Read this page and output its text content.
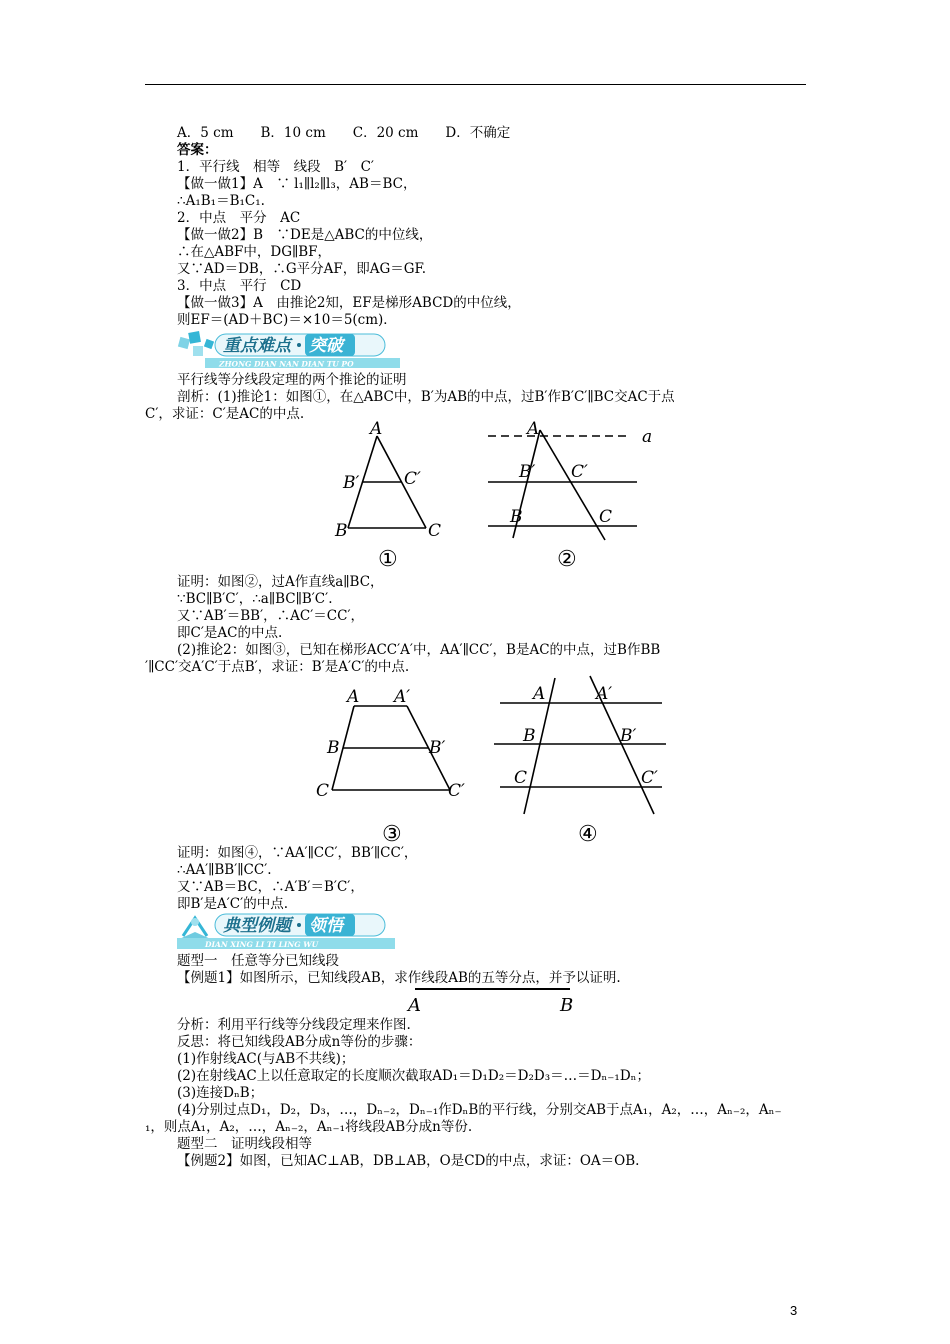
A．5 cm　　B．10 cm　　C．20 cm　　D．不确定
答案：
1．平行线　相等　线段　B′　C′
【做一做1】A　∵ l₁∥l₂∥l₃，AB＝BC，
∴A₁B₁＝B₁C₁.
2．中点　平分　AC
【做一做2】B　∵DE是△ABC的中位线，
∴在△ABF中，DG∥BF，
又∵AD＝DB，∴G平分AF，即AG＝GF.
3．中点　平行　CD
【做一做3】A　由推论2知，EF是梯形ABCD的中位线，
则EF＝(AD＋BC)＝×10＝5(cm)．
重点难点 突破
ZHONG DIAN NAN DIAN TU PO
平行线等分线段定理的两个推论的证明
剖析：(1)推论1：如图①，在△ABC中，B′为AB的中点，过B′作B′C′∥BC交AC于点
C′，求证：C′是AC的中点.
A
B′	C′
B	C
①
A	a
B′ C′
B	C
②
证明：如图②，过A作直线a∥BC，
∵BC∥B′C′，∴a∥BC∥B′C′.
又∵AB′＝BB′，∴AC′＝CC′，
即C′是AC的中点.
(2)推论2：如图③，已知在梯形ACC′A′中，AA′∥CC′，B是AC的中点，过B作BB
′∥CC′交A′C′于点B′，求证：B′是A′C′的中点.
A A′
B	B′
C	C′
③
A	A′
B	B′
C	C′
④
证明：如图④，∵AA′∥CC′，BB′∥CC′，
∴AA′∥BB′∥CC′.
又∵AB＝BC，∴A′B′＝B′C′，
即B′是A′C′的中点.
典型例题 领悟
DIAN XING LI TI LING WU
题型一　任意等分已知线段
【例题1】如图所示，已知线段AB，求作线段AB的五等分点，并予以证明.
A	B
分析：利用平行线等分线段定理来作图.
反思：将已知线段AB分成n等份的步骤：
(1)作射线AC(与AB不共线)；
(2)在射线AC上以任意取定的长度顺次截取AD₁＝D₁D₂＝D₂D₃＝…＝Dₙ₋₁Dₙ；
(3)连接DₙB；
(4)分别过点D₁，D₂，D₃，…，Dₙ₋₂，Dₙ₋₁作DₙB的平行线，分别交AB于点A₁，A₂，…，Aₙ₋₂，Aₙ₋
₁，则点A₁，A₂，…，Aₙ₋₂，Aₙ₋₁将线段AB分成n等份.
题型二　证明线段相等
【例题2】如图，已知AC⊥AB，DB⊥AB，O是CD的中点，求证：OA＝OB.
3
